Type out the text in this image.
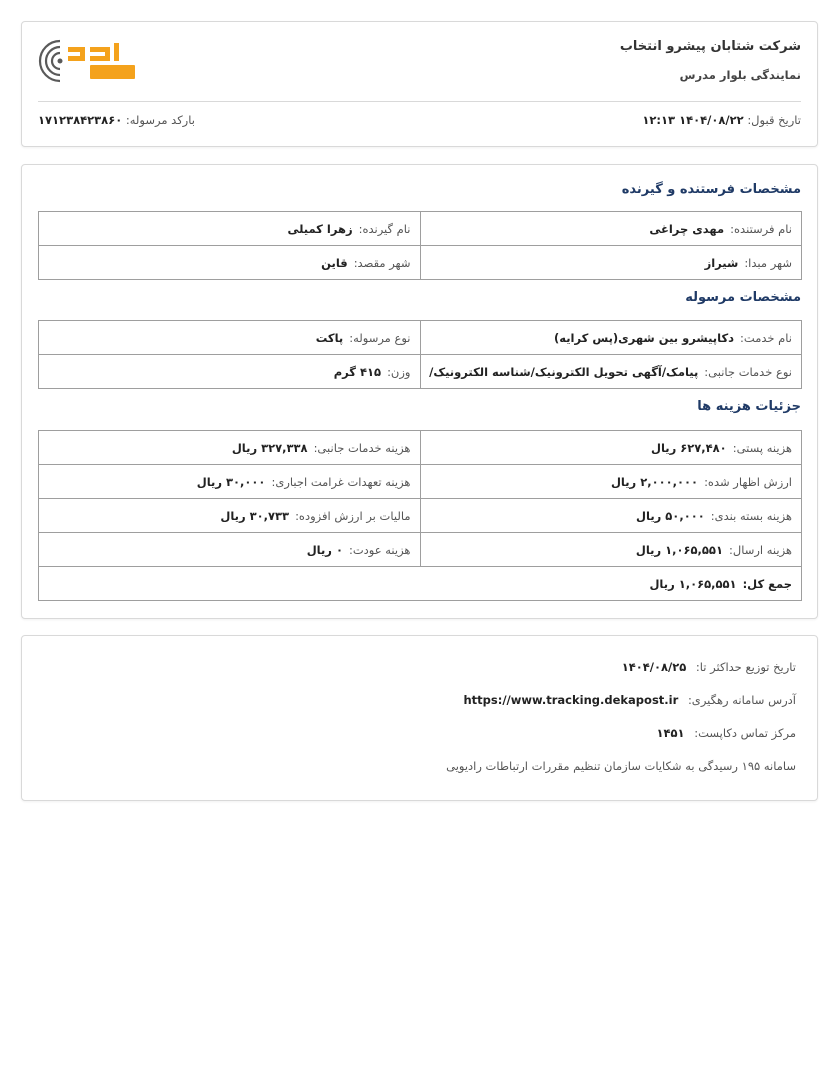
شرکت شتابان پیشرو انتخاب
نمایندگی بلوار مدرس
تاریخ قبول: ۱۴۰۴/۰۸/۲۲ ۱۲:۱۳
بارکد مرسوله: ۱۷۱۲۳۸۴۲۳۸۶۰
مشخصات فرستنده و گیرنده
نام فرستنده:مهدی چراغی	نام گیرنده:زهرا کمیلی
شهر مبدا:شیراز	شهر مقصد:قاین
مشخصات مرسوله
نام خدمت:دکاپیشرو بین شهری(پس کرایه)	نوع مرسوله:پاکت
نوع خدمات جانبی:پیامک/آگهی تحویل الکترونیک/شناسه الکترونیک/	وزن:۴۱۵ گرم
جزئیات هزینه ها
هزینه پستی:۶۲۷,۴۸۰ ریال	هزینه خدمات جانبی:۳۲۷,۳۳۸ ریال
ارزش اظهار شده:۲,۰۰۰,۰۰۰ ریال	هزینه تعهدات غرامت اجباری:۳۰,۰۰۰ ریال
هزینه بسته بندی:۵۰,۰۰۰ ریال	مالیات بر ارزش افزوده:۳۰,۷۳۳ ریال
هزینه ارسال:۱,۰۶۵,۵۵۱ ریال	هزینه عودت:۰ ریال
جمع کل:۱,۰۶۵,۵۵۱ ریال	
تاریخ توزیع حداکثر تا: ۱۴۰۴/۰۸/۲۵
آدرس سامانه رهگیری: https://www.tracking.dekapost.ir
مرکز تماس دکاپست: ۱۴۵۱
سامانه ۱۹۵ رسیدگی به شکایات سازمان تنظیم مقررات ارتباطات رادیویی
